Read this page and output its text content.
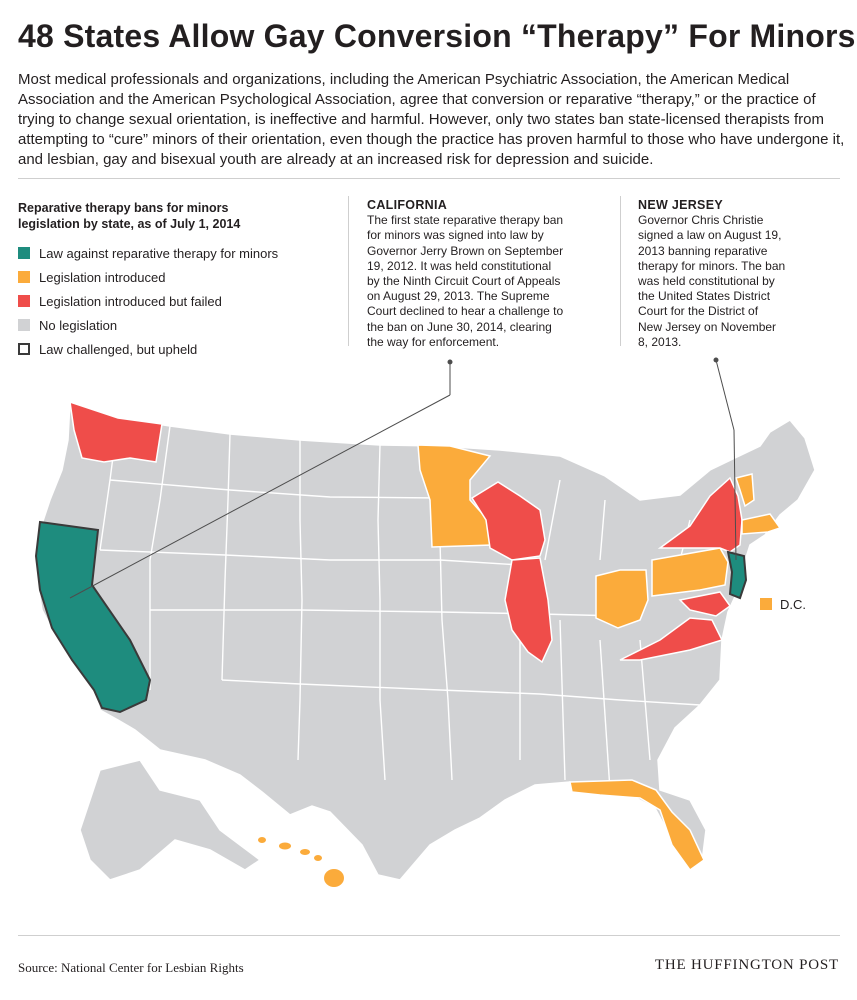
48 States Allow Gay Conversion “Therapy” For Minors
Most medical professionals and organizations, including the American Psychiatric Association, the American Medical Association and the American Psychological Association, agree that conversion or reparative “therapy,” or the practice of trying to change sexual orientation, is ineffective and harmful. However, only two states ban state-licensed therapists from attempting to “cure” minors of their orientation, even though the practice has proven harmful to those who have undergone it, and lesbian, gay and bisexual youth are already at an increased risk for depression and suicide.
Reparative therapy bans for minors
legislation by state, as of July 1, 2014
Law against reparative therapy for minors
Legislation introduced
Legislation introduced but failed
No legislation
Law challenged, but upheld
CALIFORNIA
The first state reparative therapy ban
for minors was signed into law by
Governor Jerry Brown on September
19, 2012. It was held constitutional
by the Ninth Circuit Court of Appeals
on August 29, 2013. The Supreme
Court declined to hear a challenge to
the ban on June 30, 2014, clearing
the way for enforcement.
NEW JERSEY
Governor Chris Christie
signed a law on August 19,
2013 banning reparative
therapy for minors. The ban
was held constitutional by
the United States District
Court for the District of
New Jersey on November
8, 2013.
D.C.
Source: National Center for Lesbian Rights	THE HUFFINGTON POST
